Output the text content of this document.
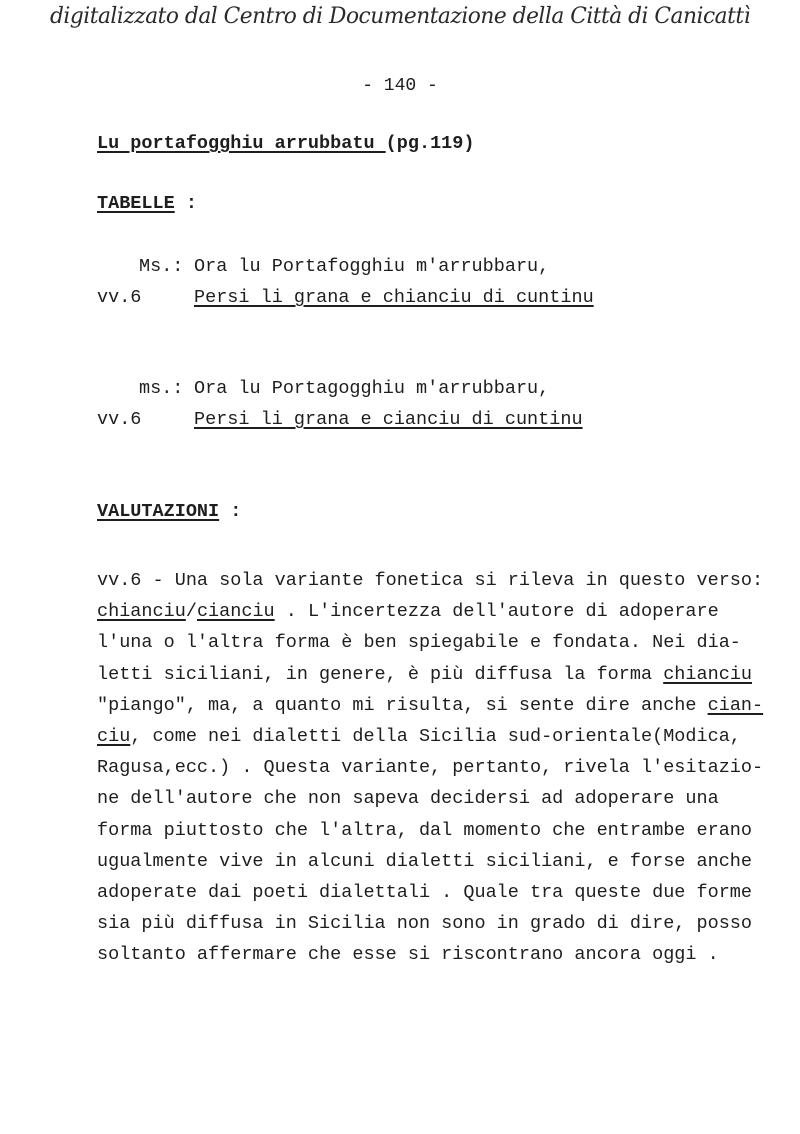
digitalizzato dal Centro di Documentazione della Città di Canicattì
- 140 -
Lu portafogghiu arrubbatu (pg.119)
TABELLE :
Ms.: Ora lu Portafogghiu m'arrubbaru,
vv.6	Persi li grana e chianciu di cuntinu
ms.: Ora lu Portagogghiu m'arrubbaru,
vv.6	Persi li grana e cianciu di cuntinu
VALUTAZIONI :
vv.6 - Una sola variante fonetica si rileva in questo verso:
chianciu/cianciu . L'incertezza dell'autore di adoperare
l'una o l'altra forma è ben spiegabile e fondata. Nei dia-
letti siciliani, in genere, è più diffusa la forma chianciu
"piango", ma, a quanto mi risulta, si sente dire anche cian-
ciu, come nei dialetti della Sicilia sud-orientale(Modica,
Ragusa,ecc.) . Questa variante, pertanto, rivela l'esitazio-
ne dell'autore che non sapeva decidersi ad adoperare una
forma piuttosto che l'altra, dal momento che entrambe erano
ugualmente vive in alcuni dialetti siciliani, e forse anche
adoperate dai poeti dialettali . Quale tra queste due forme
sia più diffusa in Sicilia non sono in grado di dire, posso
soltanto affermare che esse si riscontrano ancora oggi .
